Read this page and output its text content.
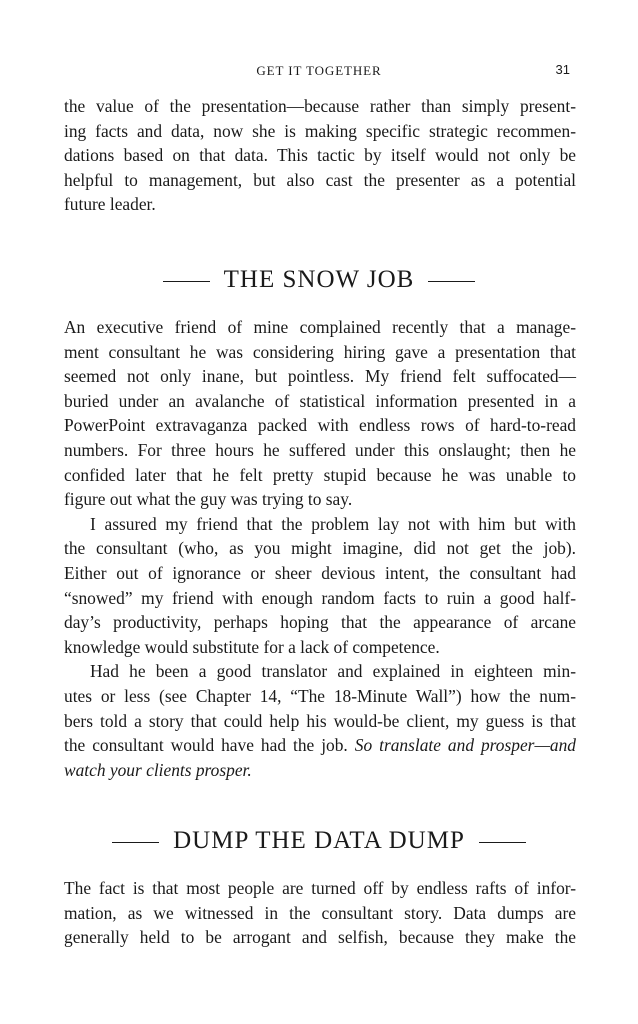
GET IT TOGETHER	31
the value of the presentation—because rather than simply present-
ing facts and data, now she is making specific strategic recommen-
dations based on that data. This tactic by itself would not only be
helpful to management, but also cast the presenter as a potential
future leader.
THE SNOW JOB
An executive friend of mine complained recently that a manage-
ment consultant he was considering hiring gave a presentation that
seemed not only inane, but pointless. My friend felt suffocated—
buried under an avalanche of statistical information presented in a
PowerPoint extravaganza packed with endless rows of hard-to-read
numbers. For three hours he suffered under this onslaught; then he
confided later that he felt pretty stupid because he was unable to
figure out what the guy was trying to say.
I assured my friend that the problem lay not with him but with
the consultant (who, as you might imagine, did not get the job).
Either out of ignorance or sheer devious intent, the consultant had
“snowed” my friend with enough random facts to ruin a good half-
day’s productivity, perhaps hoping that the appearance of arcane
knowledge would substitute for a lack of competence.
Had he been a good translator and explained in eighteen min-
utes or less (see Chapter 14, “The 18-Minute Wall”) how the num-
bers told a story that could help his would-be client, my guess is that
the consultant would have had the job. So translate and prosper—and
watch your clients prosper.
DUMP THE DATA DUMP
The fact is that most people are turned off by endless rafts of infor-
mation, as we witnessed in the consultant story. Data dumps are
generally held to be arrogant and selfish, because they make the
